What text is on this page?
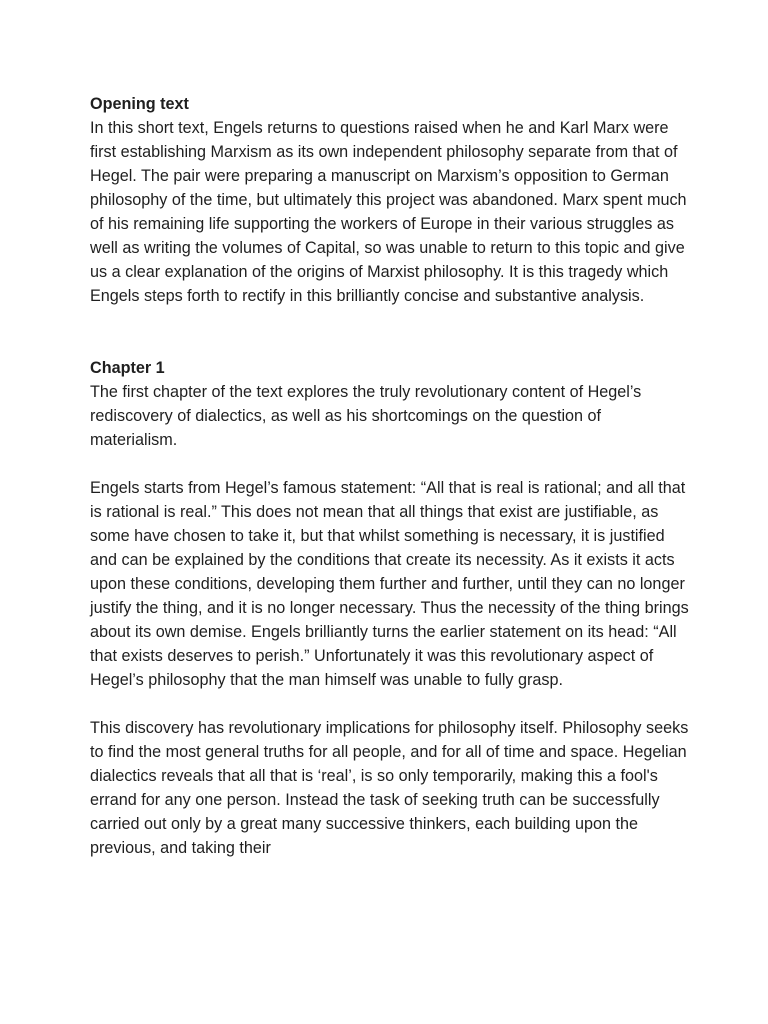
Opening text

In this short text, Engels returns to questions raised when he and Karl Marx were first establishing Marxism as its own independent philosophy separate from that of Hegel. The pair were preparing a manuscript on Marxism’s opposition to German philosophy of the time, but ultimately this project was abandoned. Marx spent much of his remaining life supporting the workers of Europe in their various struggles as well as writing the volumes of Capital, so was unable to return to this topic and give us a clear explanation of the origins of Marxist philosophy. It is this tragedy which Engels steps forth to rectify in this brilliantly concise and substantive analysis.

Chapter 1

The first chapter of the text explores the truly revolutionary content of Hegel’s rediscovery of dialectics, as well as his shortcomings on the question of materialism.

Engels starts from Hegel’s famous statement: “All that is real is rational; and all that is rational is real.” This does not mean that all things that exist are justifiable, as some have chosen to take it, but that whilst something is necessary, it is justified and can be explained by the conditions that create its necessity. As it exists it acts upon these conditions, developing them further and further, until they can no longer justify the thing, and it is no longer necessary. Thus the necessity of the thing brings about its own demise. Engels brilliantly turns the earlier statement on its head: “All that exists deserves to perish.” Unfortunately it was this revolutionary aspect of Hegel’s philosophy that the man himself was unable to fully grasp.

This discovery has revolutionary implications for philosophy itself. Philosophy seeks to find the most general truths for all people, and for all of time and space. Hegelian dialectics reveals that all that is ‘real’, is so only temporarily, making this a fool's errand for any one person. Instead the task of seeking truth can be successfully carried out only by a great many successive thinkers, each building upon the previous, and taking their
